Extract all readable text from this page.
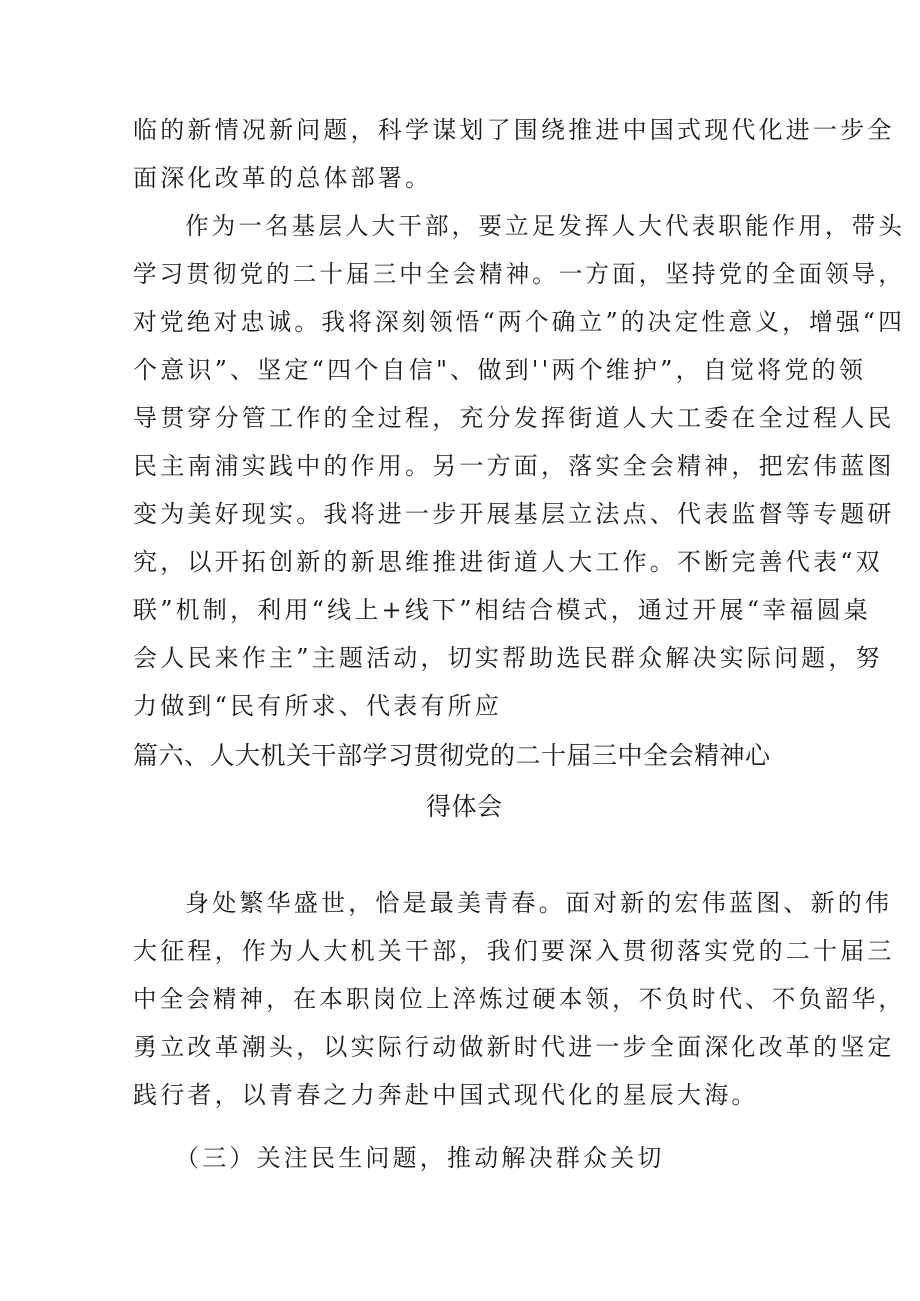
临的新情况新问题，科学谋划了围绕推进中国式现代化进一步全
面深化改革的总体部署。
作为一名基层人大干部，要立足发挥人大代表职能作用，带头
学习贯彻党的二十届三中全会精神。一方面，坚持党的全面领导，
对党绝对忠诚。我将深刻领悟“两个确立”的决定性意义，增强“四
个意识”、坚定“四个自信"、做到''两个维护”，自觉将党的领
导贯穿分管工作的全过程，充分发挥街道人大工委在全过程人民
民主南浦实践中的作用。另一方面，落实全会精神，把宏伟蓝图
变为美好现实。我将进一步开展基层立法点、代表监督等专题研
究，以开拓创新的新思维推进街道人大工作。不断完善代表“双
联”机制，利用“线上+线下”相结合模式，通过开展“幸福圆桌
会人民来作主”主题活动，切实帮助选民群众解决实际问题，努
力做到“民有所求、代表有所应
篇六、人大机关干部学习贯彻党的二十届三中全会精神心
得体会
身处繁华盛世，恰是最美青春。面对新的宏伟蓝图、新的伟
大征程，作为人大机关干部，我们要深入贯彻落实党的二十届三
中全会精神，在本职岗位上淬炼过硬本领，不负时代、不负韶华，
勇立改革潮头，以实际行动做新时代进一步全面深化改革的坚定
践行者，以青春之力奔赴中国式现代化的星辰大海。
（三）关注民生问题，推动解决群众关切
